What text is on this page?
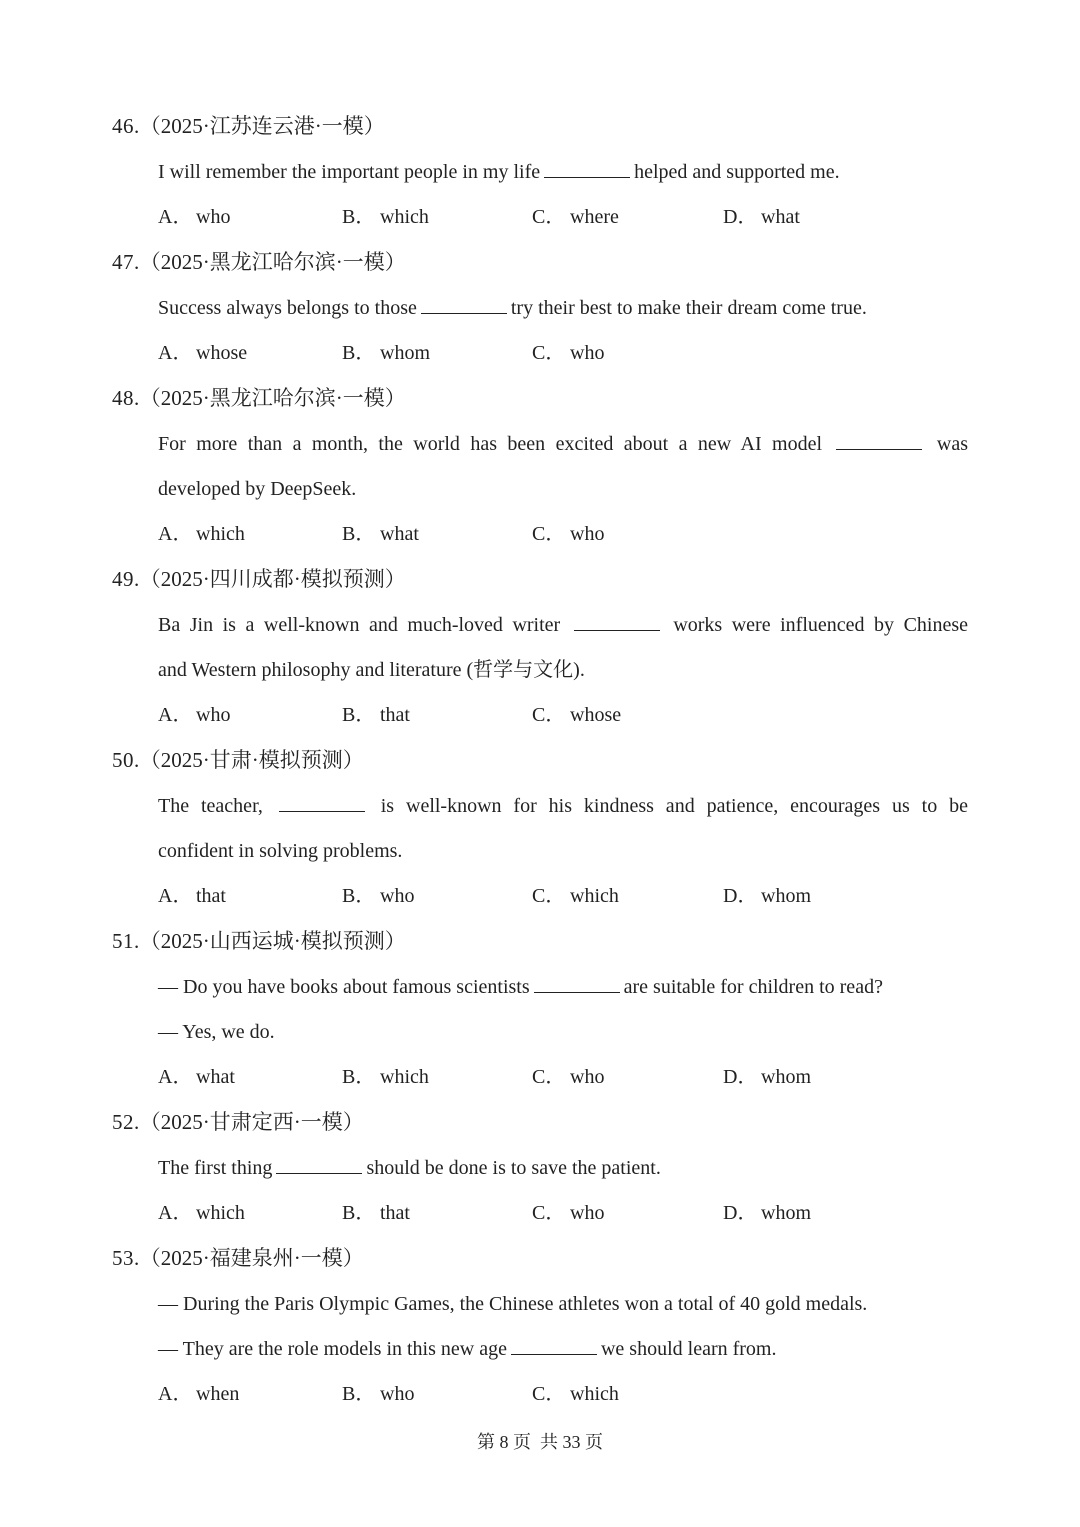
46.（2025·江苏连云港·一模）
I will remember the important people in my life	helped and supported me.
A． who	B． which	C． where	D． what
47.（2025·黑龙江哈尔滨·一模）
Success always belongs to those	try their best to make their dream come true.
A． whose	B． whom	C． who
48.（2025·黑龙江哈尔滨·一模）
For more than a month, the world has been excited about a new AI model	was
developed by DeepSeek.
A． which	B． what	C． who
49.（2025·四川成都·模拟预测）
Ba Jin is a well-known and much-loved writer	works were influenced by Chinese
and Western philosophy and literature (哲学与文化).
A． who	B． that	C． whose
50.（2025·甘肃·模拟预测）
The teacher,	is well-known for his kindness and patience, encourages us to be
confident in solving problems.
A． that	B． who	C． which	D． whom
51.（2025·山西运城·模拟预测）
— Do you have books about famous scientists	are suitable for children to read?
— Yes, we do.
A． what	B． which	C． who	D． whom
52.（2025·甘肃定西·一模）
The first thing	should be done is to save the patient.
A． which	B． that	C． who	D． whom
53.（2025·福建泉州·一模）
— During the Paris Olympic Games, the Chinese athletes won a total of 40 gold medals.
— They are the role models in this new age	we should learn from.
A． when	B． who	C． which
第 8 页 共 33 页
